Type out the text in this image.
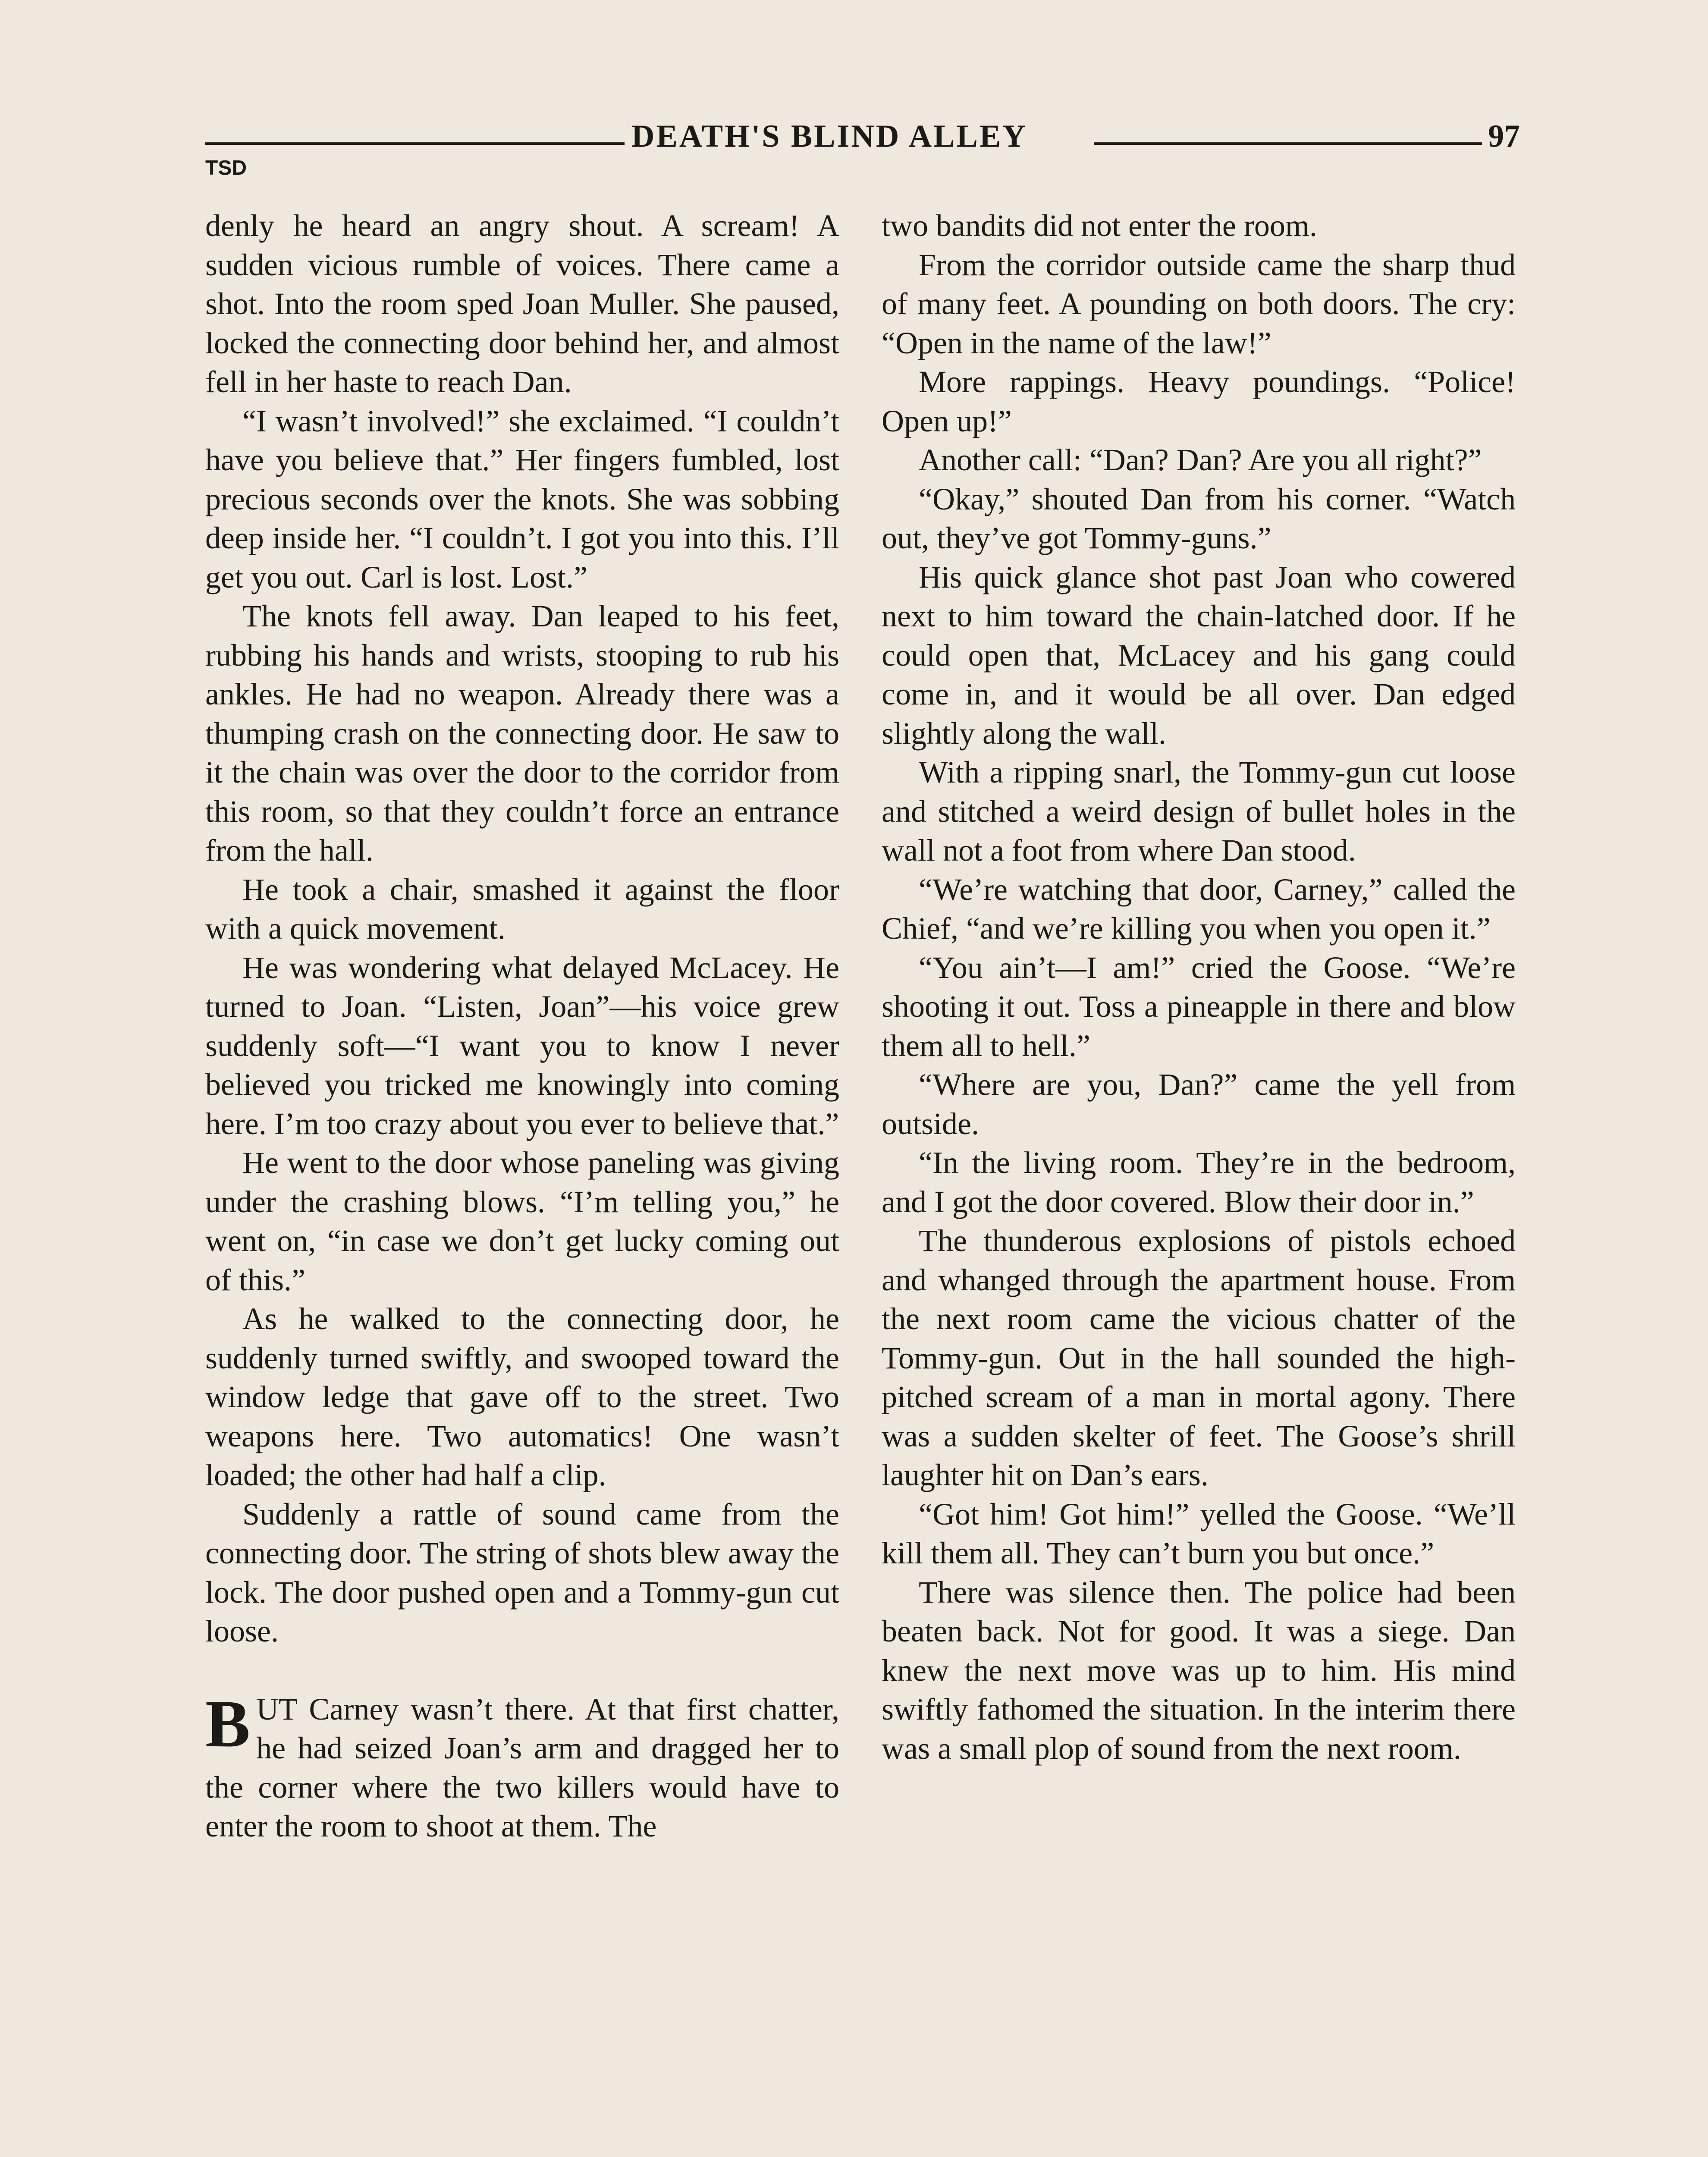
DEATH'S BLIND ALLEY	97
TSD

denly he heard an angry shout. A scream! A sudden vicious rumble of voices. There came a shot. Into the room sped Joan Muller. She paused, locked the connecting door behind her, and almost fell in her haste to reach Dan.

“I wasn’t involved!” she exclaimed. “I couldn’t have you believe that.” Her fingers fumbled, lost precious seconds over the knots. She was sobbing deep inside her. “I couldn’t. I got you into this. I’ll get you out. Carl is lost. Lost.”

The knots fell away. Dan leaped to his feet, rubbing his hands and wrists, stooping to rub his ankles. He had no weapon. Already there was a thumping crash on the connecting door. He saw to it the chain was over the door to the corridor from this room, so that they couldn’t force an entrance from the hall.

He took a chair, smashed it against the floor with a quick movement.

He was wondering what delayed McLacey. He turned to Joan. “Listen, Joan”—his voice grew suddenly soft—“I want you to know I never believed you tricked me knowingly into coming here. I’m too crazy about you ever to believe that.”

He went to the door whose paneling was giving under the crashing blows. “I’m telling you,” he went on, “in case we don’t get lucky coming out of this.”

As he walked to the connecting door, he suddenly turned swiftly, and swooped toward the window ledge that gave off to the street. Two weapons here. Two automatics! One wasn’t loaded; the other had half a clip.

Suddenly a rattle of sound came from the connecting door. The string of shots blew away the lock. The door pushed open and a Tommy-gun cut loose.

BUT Carney wasn’t there. At that first chatter, he had seized Joan’s arm and dragged her to the corner where the two killers would have to enter the room to shoot at them. The

two bandits did not enter the room.

From the corridor outside came the sharp thud of many feet. A pounding on both doors. The cry: “Open in the name of the law!”

More rappings. Heavy poundings. “Police! Open up!”

Another call: “Dan? Dan? Are you all right?”

“Okay,” shouted Dan from his corner. “Watch out, they’ve got Tommy-guns.”

His quick glance shot past Joan who cowered next to him toward the chain-latched door. If he could open that, McLacey and his gang could come in, and it would be all over. Dan edged slightly along the wall.

With a ripping snarl, the Tommy-gun cut loose and stitched a weird design of bullet holes in the wall not a foot from where Dan stood.

“We’re watching that door, Carney,” called the Chief, “and we’re killing you when you open it.”

“You ain’t—I am!” cried the Goose. “We’re shooting it out. Toss a pineapple in there and blow them all to hell.”

“Where are you, Dan?” came the yell from outside.

“In the living room. They’re in the bedroom, and I got the door covered. Blow their door in.”

The thunderous explosions of pistols echoed and whanged through the apartment house. From the next room came the vicious chatter of the Tommy-gun. Out in the hall sounded the high-pitched scream of a man in mortal agony. There was a sudden skelter of feet. The Goose’s shrill laughter hit on Dan’s ears.

“Got him! Got him!” yelled the Goose. “We’ll kill them all. They can’t burn you but once.”

There was silence then. The police had been beaten back. Not for good. It was a siege. Dan knew the next move was up to him. His mind swiftly fathomed the situation. In the interim there was a small plop of sound from the next room.
